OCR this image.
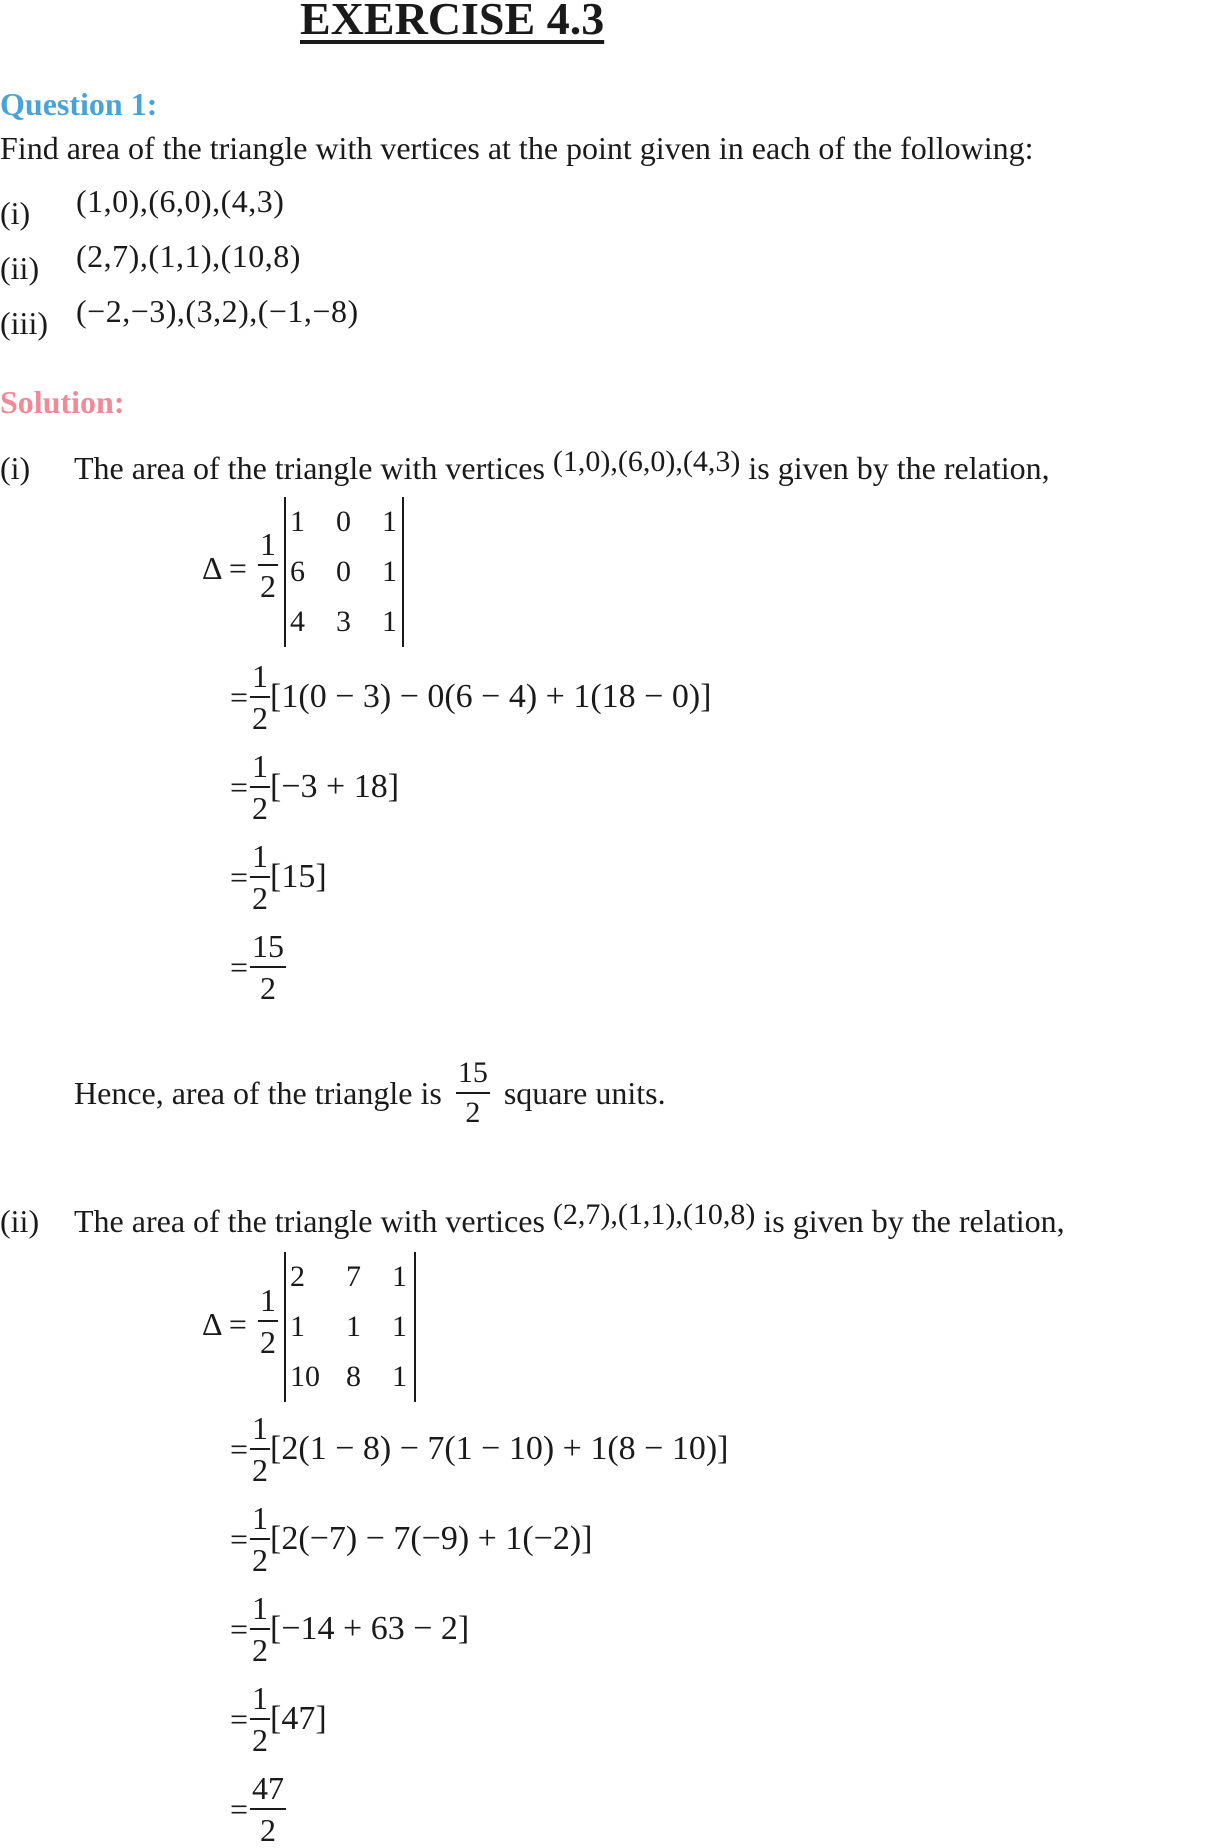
EXERCISE 4.3
Question 1:
Find area of the triangle with vertices at the point given in each of the following:
(i) (1,0),(6,0),(4,3)
(ii) (2,7),(1,1),(10,8)
(iii) (−2,−3),(3,2),(−1,−8)
Solution:
(i) The area of the triangle with vertices (1,0),(6,0),(4,3) is given by the relation,
$\Delta = \frac{1}{2}$
1	0	1
6	0	1
4	3	1
= $\frac{1}{2} [1(0 - 3) - 0(6 - 4) + 1(18 - 0)]$
= $\frac{1}{2} [-3 + 18]$
= $\frac{1}{2} [15]$
= $\frac{15}{2}$
Hence, area of the triangle is $\frac{15}{2}$ square units.
(ii) The area of the triangle with vertices (2,7),(1,1),(10,8) is given by the relation,
$\Delta = \frac{1}{2}$
2	7	1
1	1	1
10 8	1
= $\frac{1}{2} [2(1 - 8) - 7(1 - 10) + 1(8 - 10)]$
= $\frac{1}{2} [2(-7) - 7(-9) + 1(-2)]$
= $\frac{1}{2} [-14 + 63 - 2]$
= $\frac{1}{2} [47]$
= $\frac{47}{2}$
